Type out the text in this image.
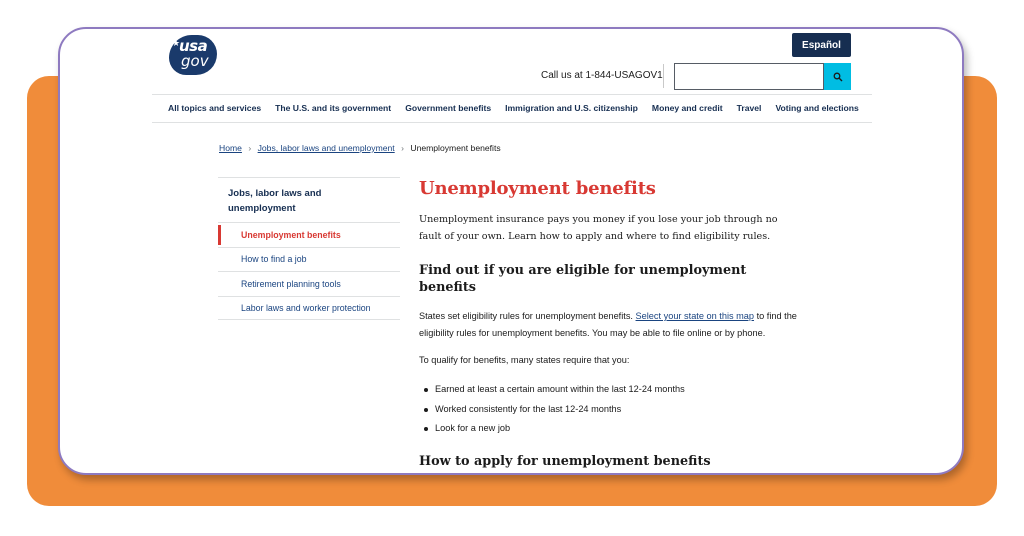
★
usa
gov
Español
Call us at 1-844-USAGOV1
All topics and services The U.S. and its government Government benefits Immigration and U.S. citizenship Money and credit Travel Voting and elections
Home › Jobs, labor laws and unemployment › Unemployment benefits
Jobs, labor laws and unemployment
Unemployment benefits
How to find a job
Retirement planning tools
Labor laws and worker protection
Unemployment benefits

Unemployment insurance pays you money if you lose your job through no fault of your own. Learn how to apply and where to find eligibility rules.

Find out if you are eligible for unemployment benefits

States set eligibility rules for unemployment benefits. Select your state on this map to find the eligibility rules for unemployment benefits. You may be able to file online or by phone.

To qualify for benefits, many states require that you:

Earned at least a certain amount within the last 12-24 months
Worked consistently for the last 12-24 months
Look for a new job
How to apply for unemployment benefits
